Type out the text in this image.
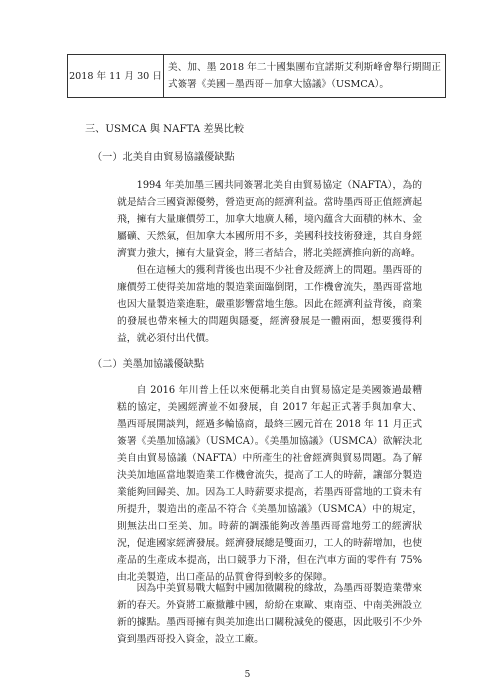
2018 年 11 月 30 日	美、加、墨 2018 年二十國集團布宜諾斯艾利斯峰會舉行期間正式簽署《美國－墨西哥－加拿大協議》（USMCA）。
三、USMCA 與 NAFTA 差異比較
（一）北美自由貿易協議優缺點

1994 年美加墨三國共同簽署北美自由貿易協定（NAFTA），為的就是結合三國資源優勢，營造更高的經濟利益。當時墨西哥正值經濟起飛，擁有大量廉價勞工，加拿大地廣人稀，境內蘊含大面積的林木、金屬礦、天然氣，但加拿大本國所用不多，美國科技技術發達，其自身經濟實力強大，擁有大量資金，將三者結合，將北美經濟推向新的高峰。

但在這極大的獲利背後也出現不少社會及經濟上的問題。墨西哥的廉價勞工使得美加當地的製造業面臨倒閉，工作機會流失，墨西哥當地也因大量製造業進駐，嚴重影響當地生態。因此在經濟利益背後，商業的發展也帶來極大的問題與隱憂，經濟發展是一體兩面，想要獲得利益，就必須付出代價。

（二）美墨加協議優缺點

自 2016 年川普上任以來便稱北美自由貿易協定是美國簽過最糟糕的協定，美國經濟並不如發展，自 2017 年起正式著手與加拿大、墨西哥展開談判，經過多輪協商，最終三國元首在 2018 年 11 月正式簽署《美墨加協議》（USMCA）。《美墨加協議》（USMCA）欲解決北美自由貿易協議（NAFTA）中所產生的社會經濟與貿易問題。為了解決美加地區當地製造業工作機會流失，提高了工人的時薪，讓部分製造業能夠回歸美、加。因為工人時薪要求提高，若墨西哥當地的工資未有所提升，製造出的產品不符合《美墨加協議》（USMCA）中的規定，則無法出口至美、加。時薪的調漲能夠改善墨西哥當地勞工的經濟狀況，促進國家經濟發展。經濟發展總是雙面刃，工人的時薪增加，也使產品的生產成本提高，出口競爭力下滑，但在汽車方面的零件有 75%由北美製造，出口產品的品質會得到較多的保障。

因為中美貿易戰大幅對中國加徵關稅的緣故，為墨西哥製造業帶來新的春天。外資將工廠撤離中國，紛紛在東歐、東南亞、中南美洲設立新的據點。墨西哥擁有與美加進出口關稅減免的優惠，因此吸引不少外資到墨西哥投入資金，設立工廠。

5
